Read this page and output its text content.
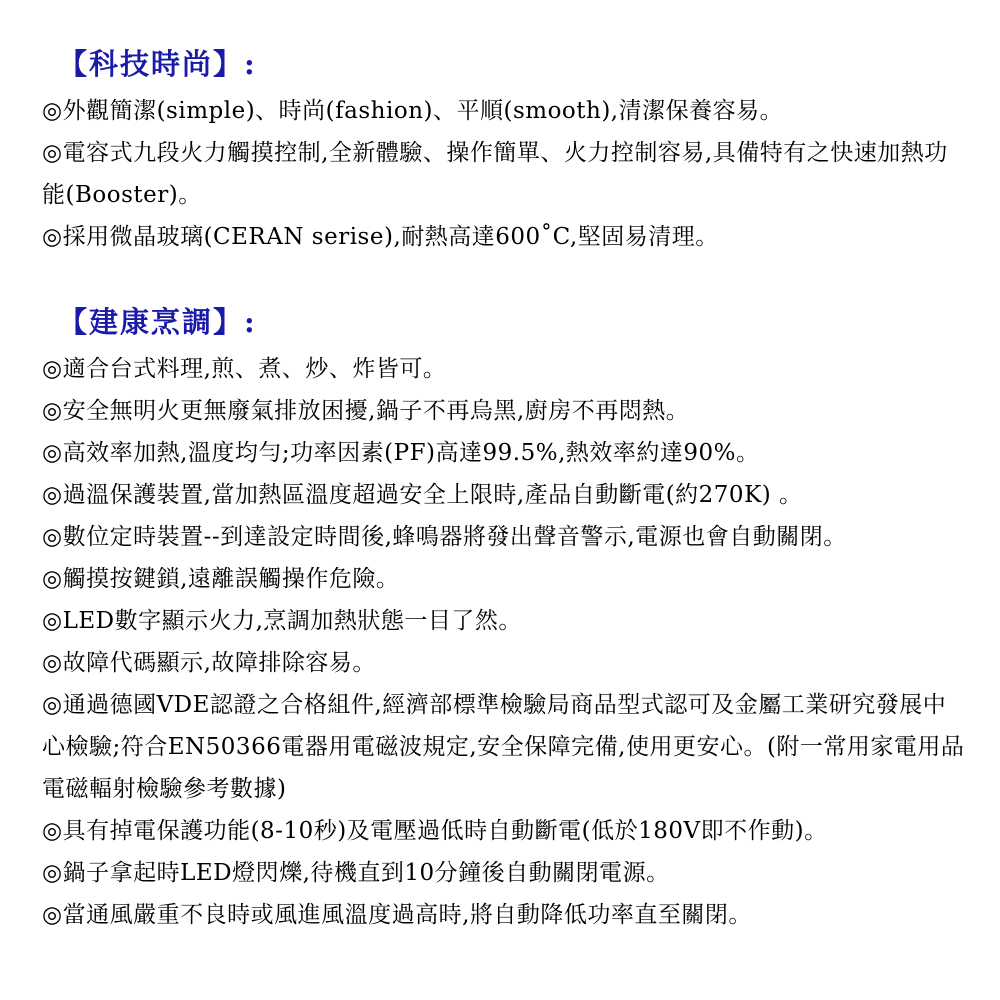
【科技時尚】:

◎外觀簡潔(simple)、時尚(fashion)、平順(smooth),清潔保養容易。

◎電容式九段火力觸摸控制,全新體驗、操作簡單、火力控制容易,具備特有之快速加熱功能(Booster)。

◎採用微晶玻璃(CERAN serise),耐熱高達600˚C,堅固易清理。

【建康烹調】:

◎適合台式料理,煎、煮、炒、炸皆可。

◎安全無明火更無廢氣排放困擾,鍋子不再烏黑,廚房不再悶熱。

◎高效率加熱,溫度均勻;功率因素(PF)高達99.5%,熱效率約達90%。

◎過溫保護裝置,當加熱區溫度超過安全上限時,產品自動斷電(約270K) 。

◎數位定時裝置--到達設定時間後,蜂鳴器將發出聲音警示,電源也會自動關閉。

◎觸摸按鍵鎖,遠離誤觸操作危險。

◎LED數字顯示火力,烹調加熱狀態一目了然。

◎故障代碼顯示,故障排除容易。

◎通過德國VDE認證之合格組件,經濟部標準檢驗局商品型式認可及金屬工業研究發展中心檢驗;符合EN50366電器用電磁波規定,安全保障完備,使用更安心。(附一常用家電用品電磁輻射檢驗參考數據)

◎具有掉電保護功能(8-10秒)及電壓過低時自動斷電(低於180V即不作動)。

◎鍋子拿起時LED燈閃爍,待機直到10分鐘後自動關閉電源。

◎當通風嚴重不良時或風進風溫度過高時,將自動降低功率直至關閉。
